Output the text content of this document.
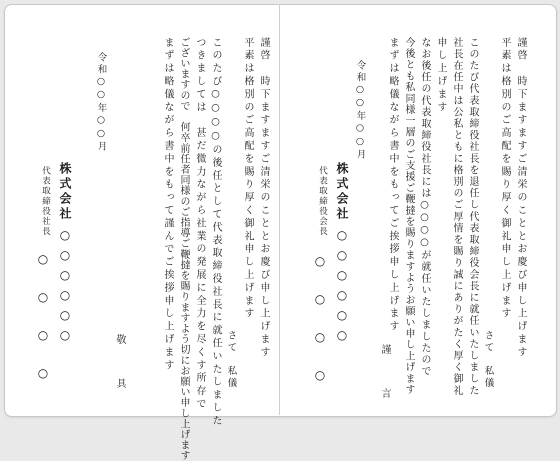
謹啓　時下ますますご清栄のこととお慶び申し上げます
平素は格別のご高配を賜り厚く御礼申し上げます
さて　私儀
このたび○○○○の後任として代表取締役社長に就任いたしました
つきましては　甚だ微力ながら社業の発展に全力を尽くす所存で
ございますので　何卒前任者同様のご指導ご鞭撻を賜りますよう切にお願い申し上げます
まずは略儀ながら書中をもって謹んでご挨拶申し上げます
敬　具
令和○○年○○月
株式会社
○○○○○○
代表取締役社長
○○○○	謹啓　時下ますますご清栄のこととお慶び申し上げます
平素は格別のご高配を賜り厚く御礼申し上げます
さて　私儀
このたび代表取締役社長を退任し代表取締役会長に就任いたしました
社長在任中は公私ともに格別のご厚情を賜り誠にありがたく厚く御礼
申し上げます
なお後任の代表取締役社長には○○○○が就任いたしましたので
今後とも私同様一層のご支援ご鞭撻を賜りますようお願い申し上げます
まずは略儀ながら書中をもってご挨拶申し上げます
謹　言
令和○○年○○月
株式会社
○○○○○○
代表取締役会長
○○○○
